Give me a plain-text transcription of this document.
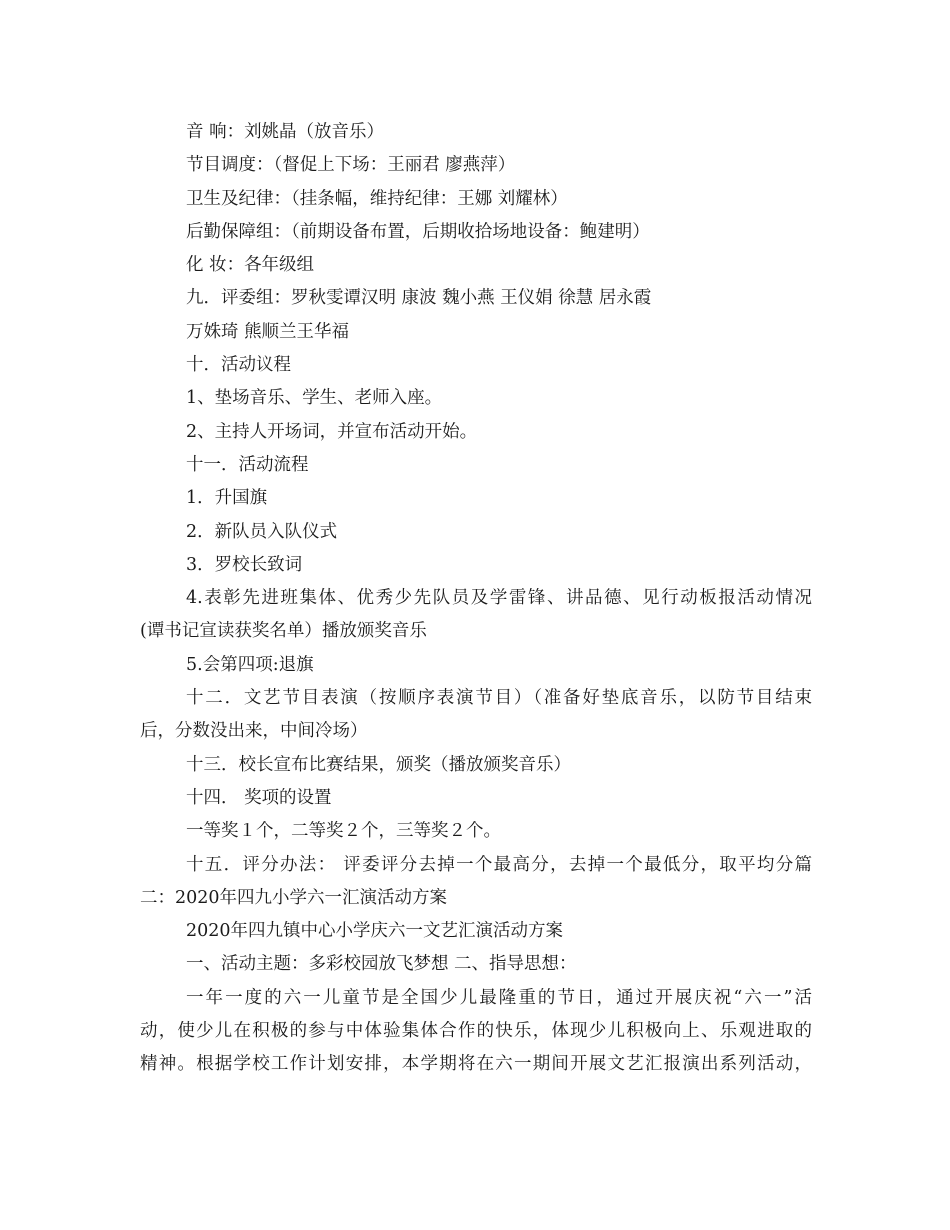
音 响：刘姚晶（放音乐）

节目调度：（督促上下场：王丽君 廖燕萍）

卫生及纪律：（挂条幅，维持纪律：王娜 刘耀林）

后勤保障组：（前期设备布置，后期收拾场地设备：鲍建明）

化 妆：各年级组

九．评委组：罗秋雯谭汉明 康波 魏小燕 王仪娟 徐慧 居永霞

万姝琦 熊顺兰王华福

十．活动议程

1、垫场音乐、学生、老师入座。

2、主持人开场词，并宣布活动开始。

十一．活动流程

1．升国旗

2．新队员入队仪式

3．罗校长致词

4.表彰先进班集体、优秀少先队员及学雷锋、讲品德、见行动板报活动情况

(谭书记宣读获奖名单）播放颁奖音乐

5.会第四项:退旗

十二．文艺节目表演（按顺序表演节目）（准备好垫底音乐，以防节目结束

后，分数没出来，中间冷场）

十三．校长宣布比赛结果，颁奖（播放颁奖音乐）

十四． 奖项的设置

一等奖１个，二等奖２个，三等奖２个。

十五．评分办法： 评委评分去掉一个最高分，去掉一个最低分，取平均分篇

二：2020年四九小学六一汇演活动方案

2020年四九镇中心小学庆六一文艺汇演活动方案

一、活动主题：多彩校园放飞梦想 二、指导思想：

一年一度的六一儿童节是全国少儿最隆重的节日，通过开展庆祝“六一”活

动，使少儿在积极的参与中体验集体合作的快乐，体现少儿积极向上、乐观进取的

精神。根据学校工作计划安排，本学期将在六一期间开展文艺汇报演出系列活动，
